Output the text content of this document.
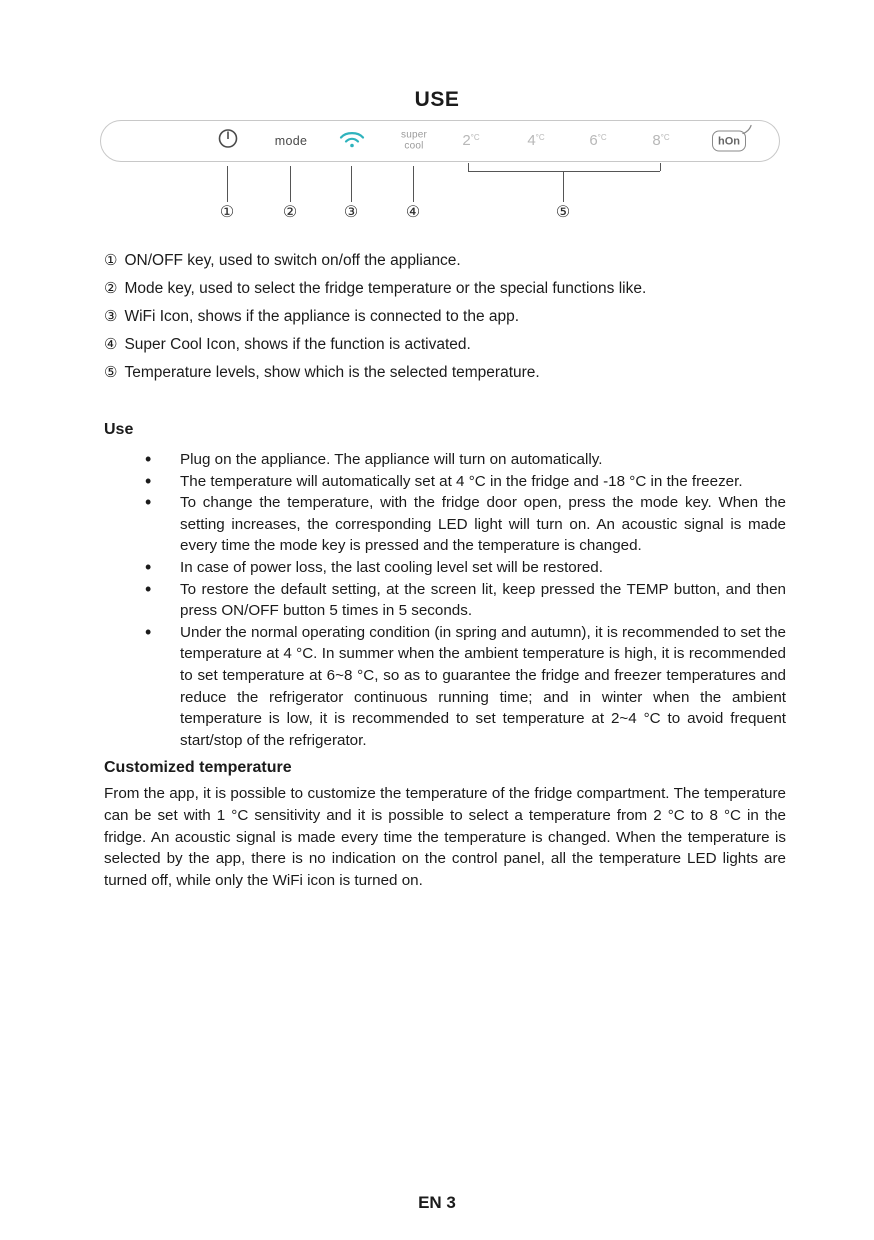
USE
mode	super
cool	$2^{^\circ C}$	$4^{^\circ C}$	$6^{^\circ C}$	$8^{^\circ C}$	hOn
①	②	③	④	⑤
① ON/OFF key, used to switch on/off the appliance.
② Mode key, used to select the fridge temperature or the special functions like.
③ WiFi Icon, shows if the appliance is connected to the app.
④ Super Cool Icon, shows if the function is activated.
⑤ Temperature levels, show which is the selected temperature.
Use
•	Plug on the appliance. The appliance will turn on automatically.
•	The temperature will automatically set at 4 °C in the fridge and -18 °C in the freezer.
•	To change the temperature, with the fridge door open, press the mode key. When the setting increases, the corresponding LED light will turn on. An acoustic signal is made every time the mode key is pressed and the temperature is changed.
•	In case of power loss, the last cooling level set will be restored.
•	To restore the default setting, at the screen lit, keep pressed the TEMP button, and then press ON/OFF button 5 times in 5 seconds.
•	Under the normal operating condition (in spring and autumn), it is recommended to set the temperature at 4 °C. In summer when the ambient temperature is high, it is recommended to set temperature at 6~8 °C, so as to guarantee the fridge and freezer temperatures and reduce the refrigerator continuous running time; and in winter when the ambient temperature is low, it is recommended to set temperature at 2~4 °C to avoid frequent start/stop of the refrigerator.
Customized temperature
From the app, it is possible to customize the temperature of the fridge compartment. The temperature can be set with 1 °C sensitivity and it is possible to select a temperature from 2 °C to 8 °C in the fridge. An acoustic signal is made every time the temperature is changed. When the temperature is selected by the app, there is no indication on the control panel, all the temperature LED lights are turned off, while only the WiFi icon is turned on.
EN 3
